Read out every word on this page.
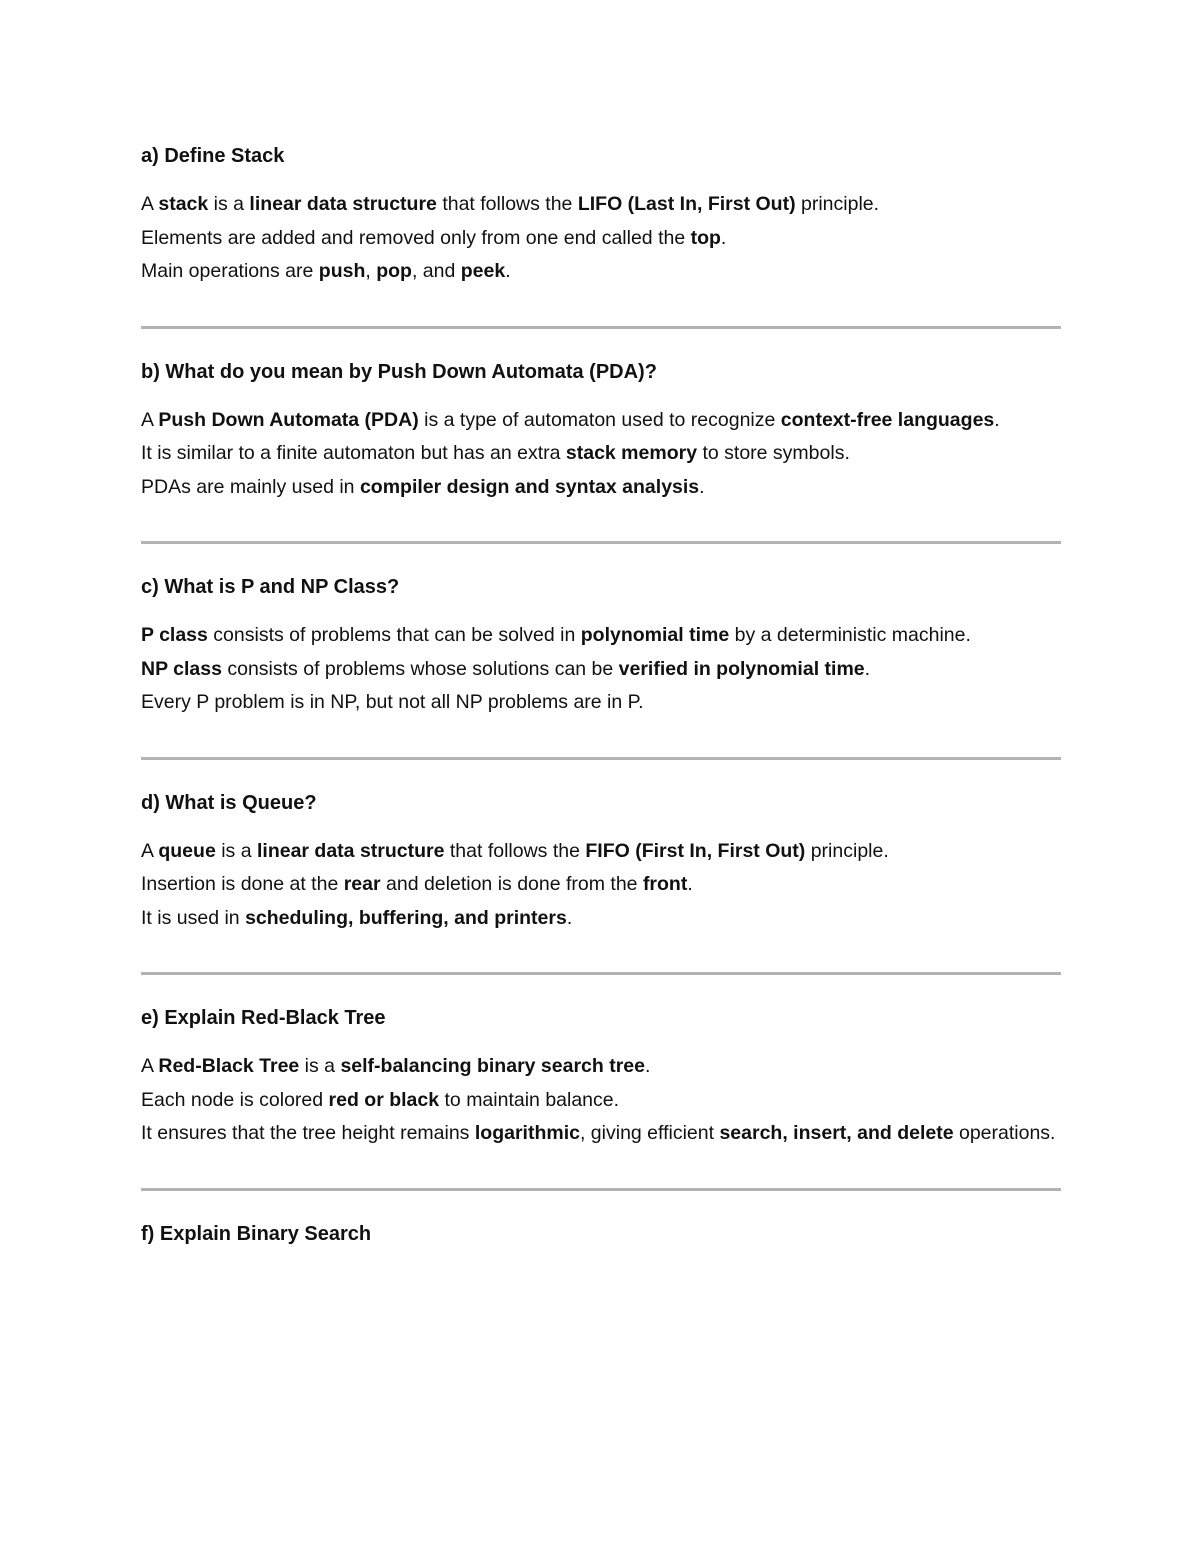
a) Define Stack

A stack is a linear data structure that follows the LIFO (Last In, First Out) principle.
Elements are added and removed only from one end called the top.
Main operations are push, pop, and peek.

b) What do you mean by Push Down Automata (PDA)?

A Push Down Automata (PDA) is a type of automaton used to recognize context-free languages.
It is similar to a finite automaton but has an extra stack memory to store symbols.
PDAs are mainly used in compiler design and syntax analysis.

c) What is P and NP Class?

P class consists of problems that can be solved in polynomial time by a deterministic machine.
NP class consists of problems whose solutions can be verified in polynomial time.
Every P problem is in NP, but not all NP problems are in P.

d) What is Queue?

A queue is a linear data structure that follows the FIFO (First In, First Out) principle.
Insertion is done at the rear and deletion is done from the front.
It is used in scheduling, buffering, and printers.

e) Explain Red-Black Tree

A Red-Black Tree is a self-balancing binary search tree.
Each node is colored red or black to maintain balance.
It ensures that the tree height remains logarithmic, giving efficient search, insert, and delete operations.

f) Explain Binary Search
